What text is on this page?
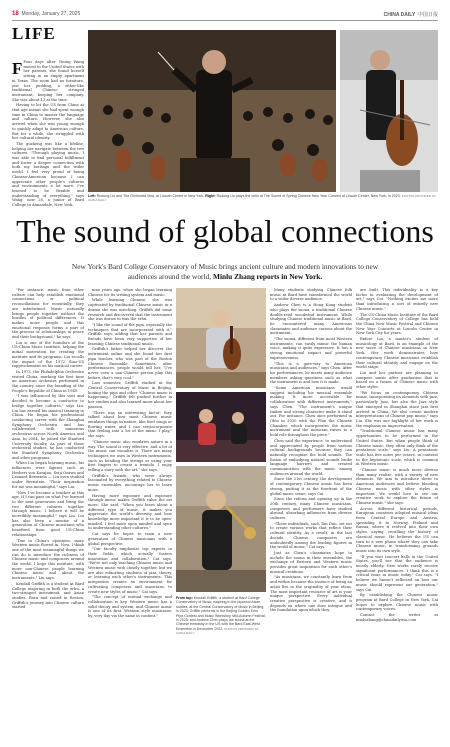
18 Monday, January 27, 2025	CHINA DAILY 中国日报
LIFE

F Four days after Yining Wang moved to the United States with her parents, she found herself sitting in an empty apartment in Texas. The room had no furniture, just her pudding, a zither-like traditional Chinese stringed instrument, keeping her company. She was about 13 at the time.

Having to let the US from China at that age meant she had spent enough time in China to master the language and culture. However, she also arrived when she was young enough to quickly adapt to American culture. But for a while, she struggled with her cultural identity.

The guzheng was like a lifeline, helping her navigate between the two cultures. "Through playing music, I was able to find personal fulfillment and foster a deeper connection with both my heritage and the wider world. I feel very proud of being Chinese-American because I can appreciate other people's cultures and environments a lot more. I've learned to be flexible and understanding of everything," says Wang, now 20, a junior of Bard College in Annandale, New York.

Left: Rudong Liu and The Orchestra Now, at Lincoln Center in New York. Right: Rudong Liu plays the cello at The Sound of Spring Chinese New Year Concert at Lincoln Center, New York, in 2023. PHOTOS PROVIDED TO CHINA DAILY
The sound of global connections
New York's Bard College Conservatory of Music brings ancient culture and modern innovations to new audiences around the world, Minlu Zhang reports in New York.

"For instance, music from other culture can help establish emotional connections or political reconciliations for essentially, they are intertwined. Music naturally brings people together without the hurdles of political differences. It makes more people and this emotional response forms a part of the process of relationships in peace and their background," he says.

Liu is one of the founders of the US-China Music Institute, helping the initial motivation for creating the institute and its programs. Liu recalls the impact of the 1972 Sino-US rapprochement on his musical career.

In 1973, the Philadelphia Orchestra visited China, marking the first time an American orchestra performed in the country since the founding of the People's Republic of China in 1949.

"I was influenced by this visit and decided to become a conductor to bridge together cultures," says Liu. Liu has earned his musical training in China. He began his professional conducting career with the Shanghai Symphony Orchestra and has collaborated with numerous orchestras across North America and Asia. In 2004, he joined the Stanford University faculty. As part of these orchestral studies, he has conducted the Stanford Symphony Orchestra and other programs.

When Liu began learning music, his influences were figures such as Herbert von Karajan, Seiji Ozawa and Leonard Bernstein — Liu even studied under Bernstein. "Their inspiration for me was meaningful," says Liu.

"Now I've become a teacher at this age. If I can pass on what I've learned to the next generation and bring the two different cultures together through music, I believe it will be incredibly meaningful," says Liu. Liu has also been a mentor of a generation of Chinese musicians who benefited from good US-China relationships.

"Due to China's openness, more Western music flowed in. Now, I think one of the most meaningful things we can do is introduce the richness of Chinese music and composers around the world. I hope this institute, with more non-Chinese people learning Chinese music and about the instruments," Liu says.

Kendall Griffith is a student at Bard College majoring in both the erhu, a two-stringed instrument, and Asian studies. Born and raised in Boston, Griffith's journey into Chinese culture started

nine years ago, when she began learning Chinese for its writing system and music.

While learning Chinese, she was captivated by traditional Chinese music in a drama she was watching. Griffith did some research and discovered that the instrument she was drawn to was the erhu.

"I like the sound of the pipa, especially the techniques that are incorporated with it," Griffith says, adding that her parents and friends have been very supportive of her learning Chinese traditional music.

Griffith's father helped her discover the instrument online and she found her first pipa teacher, who was part of the Boston Chinese Ensemble. Sometimes, after performances, people would tell her, "I've never seen a non-Chinese person play this before, that's very cool."

Last semester, Griffith studied at the Central Conservatory of Music in Beijing, honing the pipa and other "Chinese music is happening," Griffith felt pushed further in her studies and also learned more about her passion.

"There was an interesting factor: they talked about how most Chinese music emulates things in nature, like bird songs or flowing water, and I can see/incorporate that feeling into a lot of the music I play," she says.

"Chinese music also emulates nature in a way. The sound is very effective, and a lot of the music can visualize it. There are many techniques we uses in Western instruments, such as bending the strings or using your first fingers to create a tremolo. I enjoy telling a story with the art," she says.

Griffith's friends, who were always fascinated by everything related to Chinese music ensembles, encourage her to learn more.

Having more exposure and exposure through music makes Griffith value the art more. She said, "When you learn about a different type of music, it makes you appreciate the world's diversity and how knowledge more important it is to be open-minded. I feel more open minded and open to understanding other cultures."

Cai says he hopes to train a new generation of Chinese musicians with a global perspective.

"Our faculty emphasize top experts in their fields, which actually fosters innovation and collaboration," Cai says. "We're not only teaching Chinese music and Western music with closely together, but we are also educating students of jazz, theory, or learning each other's instruments. This integration creates an environment for cultivating composers and musicians, to create new styles of music," Cai says.

"The concept of mutual exchange and collaboration is key. Western music has a solid theory and system, and Chinese music is one of its first. Western style musicians: by, very day via the same in content."

From top: Kendall Griffith, a student at Bard College Conservatory of Music majoring in the plywood Asian studies, at the Central Conservatory of Music in Beijing, in 2023; Griffith performs in the Beijing Golden Erhu Pipa Contest and Music Workshop Mid-Autumn Festival, in 2025; and Andrew Chen plays the suona at the Chinese embassy in the US with the Bard East-West Ensemble in December 2022. PHOTOS PROVIDED TO CHINA DAILY

Many students studying Chinese folk music at Bard have transformed the world to a wider diverse audience.

Andrew Chen is a Hong Kong student who plays the suona, a traditional Chinese double-reed woodwind instrument. While studying Chinese traditional music at Bard, he encountered many Americans classmates and audience curious about the instrument.

"The suona, different from most Western instruments, can easily mimic the human voice, making it quite expressive. It has a strong emotional impact and powerful expressiveness.

"This is a gate-way to American musicians and audiences," says Chen. After his performances, he meets many audience members asking questions such as what the instrument is and how it is made.

"Some American musicians would suggest including his musical ensemble making. It more accessible for collaboration with different instruments," says Chen. "The instrument's unique timbre and strong character make it stand out. For instance, Chen once performed in Ohio in 2020 with the Plan the Chinese Chamber, which incorporates the music instrument and the musician raises to a bold role throughout the piece."

Chen said the experience, to understand and appreciated by people from various cultural backgrounds because they can naturally recognize the bold sounds. The fusion of embodying natural sounds broke language barriers and created communication with the music among audiences around the world.

Since the 21st century, the development of contemporary Chinese music has been strong, putting it at the forefront of the global music scene, says Cai.

Since the reform and opening up in the 20th century, many Chinese musicians, composers and performers have studied abroad, absorbing influences from diverse cultures.

"These individuals, such Tan Dun, set out to create various works that reflect their cultural identity. As a result, in the last decade, Chinese composers are undoubtedly among the leading figures in the world of music," Cai says.

Just as Chen's classmates hope to include the suona in their ensembles, the exchange of Eastern and Western music provides great inspiration for each other's musical creations.

"As musicians, we constantly learn from and within because the essence of being an artist lies in the originality of your ideas. The most important resource of art is your unique perspective. Every individual creative perspective is creative, and it depends on where one does intrigue and the foundation upon which they

are built. This individuality is a key factor in evaluating the development of art," says Cai. "Nothing excites me more than introducing a sort of entirely new Chinese music."

The US-China Music Institute of the Bard College Conservatory of College has held the China Now Music Festival and Chinese New Year Concerts at Lincoln Center in New York City for years.

Before Liu, a master's student of musicology at Bard, is an example of the new wave of Chinese musicians in New York. Her work demonstrates how contemporary Chinese musicians establish their cultural identity and engage on the world stage.

Liu and her partner are planning to compose music after graduation that is based on a fusion of Chinese music with other styles.

"We focus on contemporary Chinese music, incorporating its elements with jazz, particularly Jazz, but also the Jazz style that emerged in Shanghai since jazz first arrived in China. We also create modern interpretations of Chinese pop music," says Liu. She was one highlight of her work is the emphasis on improvisation.

"Traditional Chinese music has many opportunities to be performed in the United States. But when people think of Chinese music, they often only think of the pentatonic scale," says Liu. A pentatonic scale has five notes per octave, in contrast to the heptatonic scale, which is common in Western music.

"Chinese music is much more diverse than many realize, with a variety of new elements. We aim to introduce these to American audiences and believe blending Chinese music with other styles is important. We would love to see our creative work to explore the future of Chinese music," she says.

Across different historical periods, European countries adopted musical ideas from Central Europe and Austria, spreading it to Norway, Finland and Russia, where it evolved into their own styles, saying, recalling the history of classical music. He believes the US can turn to a new phase where they can take Chinese music, in transforming grounds music into its own style.

"If you visit concert halls in the United States, you'll see that the audience is mostly elderly. New works rarely receive significant performances. I think this is a critical issue in music today," Cai says. "I believe we haven't reflected on how our music should represent our generation," says Cai.

By establishing the Chinese music program at Bard College in New York, Cai hopes to explore Chinese music with contemporary voices.

Contact the writer at minluzhang@chinadailyusa.com
